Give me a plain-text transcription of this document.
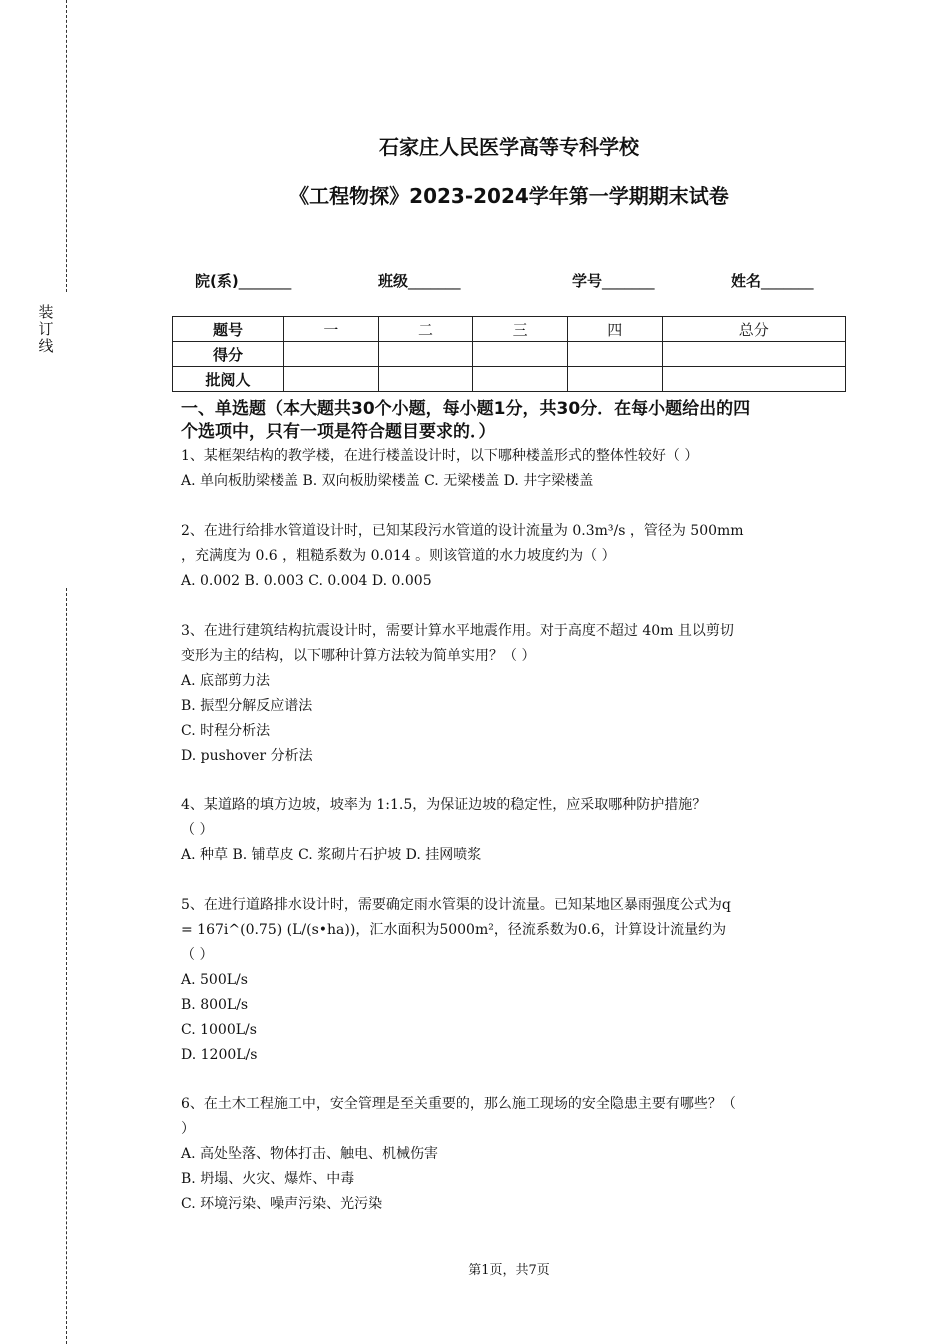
装
订
线
石家庄人民医学高等专科学校
《工程物探》2023-2024学年第一学期期末试卷
院(系)_______	班级_______	学号_______	姓名_______
题号	一	二	三	四	总分
得分					
批阅人					
一、单选题（本大题共30个小题，每小题1分，共30分．在每小题给出的四
个选项中，只有一项是符合题目要求的．）
1、某框架结构的教学楼，在进行楼盖设计时，以下哪种楼盖形式的整体性较好（ ）
A. 单向板肋梁楼盖 B. 双向板肋梁楼盖 C. 无梁楼盖 D. 井字梁楼盖
2、在进行给排水管道设计时，已知某段污水管道的设计流量为 0.3m³/s ，管径为 500mm
，充满度为 0.6 ，粗糙系数为 0.014 。则该管道的水力坡度约为（ ）
A. 0.002 B. 0.003 C. 0.004 D. 0.005
3、在进行建筑结构抗震设计时，需要计算水平地震作用。对于高度不超过 40m 且以剪切
变形为主的结构，以下哪种计算方法较为简单实用？（ ）
A. 底部剪力法
B. 振型分解反应谱法
C. 时程分析法
D. pushover 分析法
4、某道路的填方边坡，坡率为 1:1.5，为保证边坡的稳定性，应采取哪种防护措施？
（ ）
A. 种草 B. 铺草皮 C. 浆砌片石护坡 D. 挂网喷浆
5、在进行道路排水设计时，需要确定雨水管渠的设计流量。已知某地区暴雨强度公式为q
= 167i^(0.75) (L/(s•ha))，汇水面积为5000m²，径流系数为0.6，计算设计流量约为
（ ）
A. 500L/s
B. 800L/s
C. 1000L/s
D. 1200L/s
6、在土木工程施工中，安全管理是至关重要的，那么施工现场的安全隐患主要有哪些？（
）
A. 高处坠落、物体打击、触电、机械伤害
B. 坍塌、火灾、爆炸、中毒
C. 环境污染、噪声污染、光污染
第1页，共7页
